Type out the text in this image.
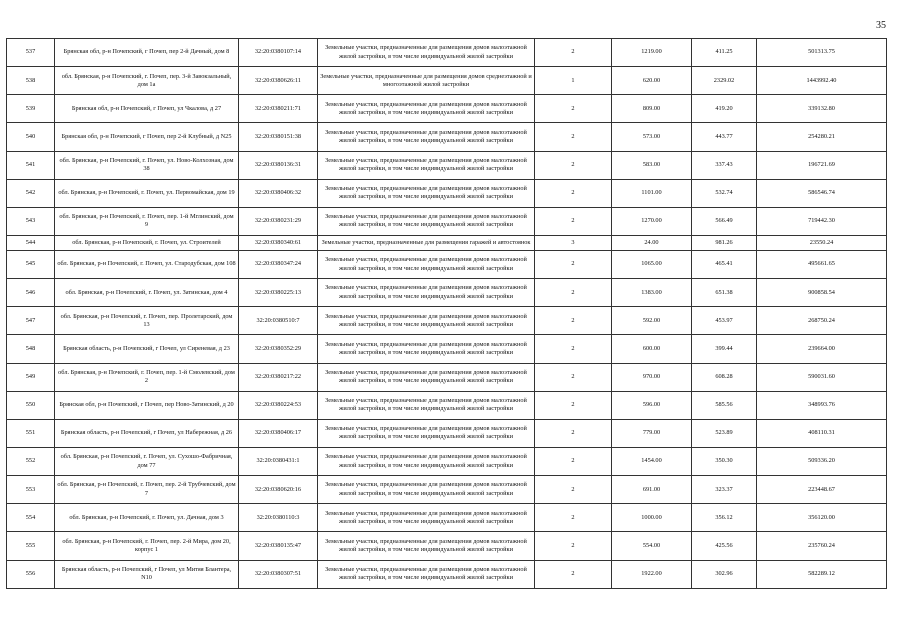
35
537	Брянская обл, р-н Почепский, г Почеп, пер 2-й Дачный, дом 8	32:20:0380107:14	Земельные участки, предназначенные для размещения домов малоэтажной жилой застройки, в том числе индивидуальной жилой застройки	2	1219.00	411.25	501313.75
538	обл. Брянская, р-н Почепский, г. Почеп, пер. 3-й Завокзальный, дом 1а	32:20:0380626:11	Земельные участки, предназначенные для размещения домов среднеэтажной и многоэтажной жилой застройки	1	620.00	2329.02	1443992.40
539	Брянская обл, р-н Почепский, г Почеп, ул Чкалова, д 27	32:20:0380211:71	Земельные участки, предназначенные для размещения домов малоэтажной жилой застройки, в том числе индивидуальной жилой застройки	2	809.00	419.20	339132.80
540	Брянская обл, р-н Почепский, г Почеп, пер 2-й Клубный, д N25	32:20:0380151:38	Земельные участки, предназначенные для размещения домов малоэтажной жилой застройки, в том числе индивидуальной жилой застройки	2	573.00	443.77	254280.21
541	обл. Брянская, р-н Почепский, г. Почеп, ул. Ново-Колхозная, дом 38	32:20:0380136:31	Земельные участки, предназначенные для размещения домов малоэтажной жилой застройки, в том числе индивидуальной жилой застройки	2	583.00	337.43	196721.69
542	обл. Брянская, р-н Почепский, г. Почеп, ул. Первомайская, дом 19	32:20:0380406:32	Земельные участки, предназначенные для размещения домов малоэтажной жилой застройки, в том числе индивидуальной жилой застройки	2	1101.00	532.74	586546.74
543	обл. Брянская, р-н Почепский, г. Почеп, пер. 1-й Мглинский, дом 9	32:20:0380231:29	Земельные участки, предназначенные для размещения домов малоэтажной жилой застройки, в том числе индивидуальной жилой застройки	2	1270.00	566.49	719442.30
544	обл. Брянская, р-н Почепский, г. Почеп, ул. Строителей	32:20:0380340:61	Земельные участки, предназначенные для размещения гаражей и автостоянок	3	24.00	981.26	23550.24
545	обл. Брянская, р-н Почепский, г. Почеп, ул. Стародубская, дом 108	32:20:0380347:24	Земельные участки, предназначенные для размещения домов малоэтажной жилой застройки, в том числе индивидуальной жилой застройки	2	1065.00	465.41	495661.65
546	обл. Брянская, р-н Почепский, г. Почеп, ул. Затинская, дом 4	32:20:0380225:13	Земельные участки, предназначенные для размещения домов малоэтажной жилой застройки, в том числе индивидуальной жилой застройки	2	1383.00	651.38	900858.54
547	обл. Брянская, р-н Почепский, г. Почеп, пер. Пролетарский, дом 13	32:20:0380510:7	Земельные участки, предназначенные для размещения домов малоэтажной жилой застройки, в том числе индивидуальной жилой застройки	2	592.00	453.97	268750.24
548	Брянская область, р-н Почепский, г Почеп, ул Сиреневая, д 23	32:20:0380352:29	Земельные участки, предназначенные для размещения домов малоэтажной жилой застройки, в том числе индивидуальной жилой застройки	2	600.00	399.44	239664.00
549	обл. Брянская, р-н Почепский, г. Почеп, пер. 1-й Смолевский, дом 2	32:20:0380217:22	Земельные участки, предназначенные для размещения домов малоэтажной жилой застройки, в том числе индивидуальной жилой застройки	2	970.00	608.28	590031.60
550	Брянская обл, р-н Почепский, г Почеп, пер Ново-Затинский, д 20	32:20:0380224:53	Земельные участки, предназначенные для размещения домов малоэтажной жилой застройки, в том числе индивидуальной жилой застройки	2	596.00	585.56	348993.76
551	Брянская область, р-н Почепский, г Почеп, ул Набережная, д 26	32:20:0380406:17	Земельные участки, предназначенные для размещения домов малоэтажной жилой застройки, в том числе индивидуальной жилой застройки	2	779.00	523.89	408110.31
552	обл. Брянская, р-н Почепский, г. Почеп, ул. Сухошо-Фабричная, дом 77	32:20:0380431:1	Земельные участки, предназначенные для размещения домов малоэтажной жилой застройки, в том числе индивидуальной жилой застройки	2	1454.00	350.30	509336.20
553	обл. Брянская, р-н Почепский, г. Почеп, пер. 2-й Трубчевский, дом 7	32:20:0380620:16	Земельные участки, предназначенные для размещения домов малоэтажной жилой застройки, в том числе индивидуальной жилой застройки	2	691.00	323.37	223448.67
554	обл. Брянская, р-н Почепский, г. Почеп, ул. Дачная, дом 3	32:20:0380110:3	Земельные участки, предназначенные для размещения домов малоэтажной жилой застройки, в том числе индивидуальной жилой застройки	2	1000.00	356.12	356120.00
555	обл. Брянская, р-н Почепский, г. Почеп, пер. 2-й Мира, дом 20, корпус 1	32:20:0380135:47	Земельные участки, предназначенные для размещения домов малоэтажной жилой застройки, в том числе индивидуальной жилой застройки	2	554.00	425.56	235760.24
556	Брянская область, р-н Почепский, г Почеп, ул Митяя Блантера, N10	32:20:0380307:51	Земельные участки, предназначенные для размещения домов малоэтажной жилой застройки, в том числе индивидуальной жилой застройки	2	1922.00	302.96	582289.12
